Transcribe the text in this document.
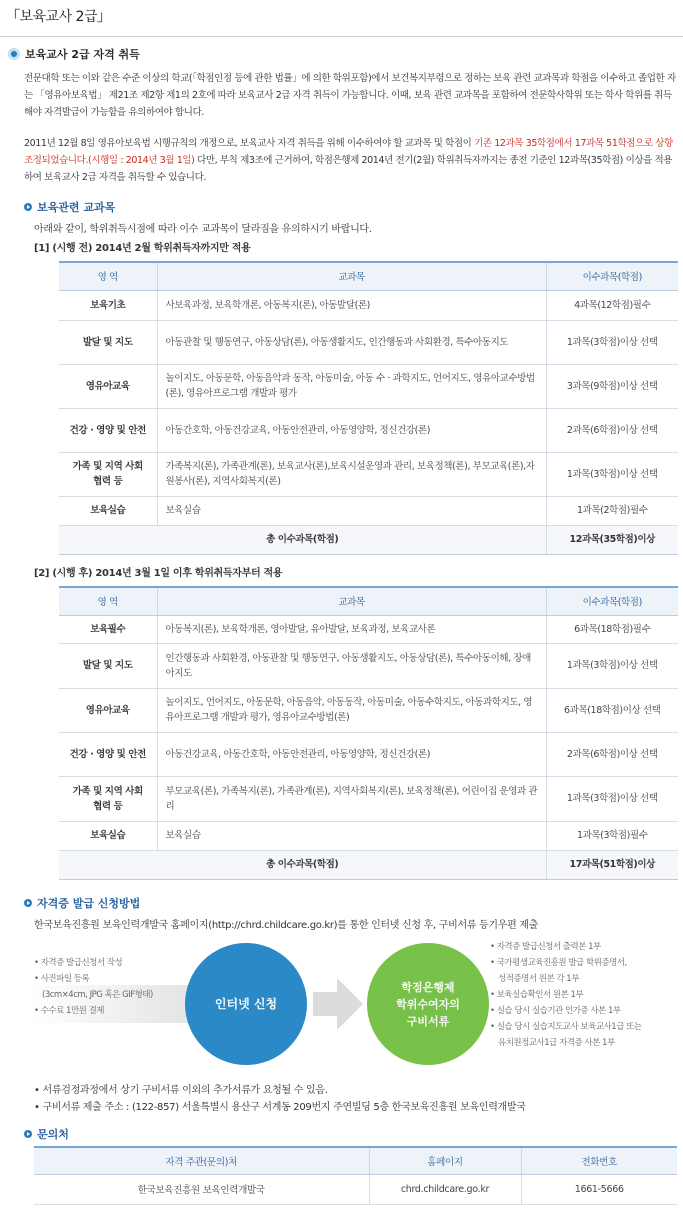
「보육교사 2급」
보육교사 2급 자격 취득
전문대학 또는 이와 같은 수준 이상의 학교(「학점인정 등에 관한 법률」에 의한 학위포함)에서 보건복지부령으로 정하는 보육 관련 교과목과 학점을 이수하고 졸업한 자는 「영유아보육법」 제21조 제2항 제1의 2호에 따라 보육교사 2급 자격 취득이 가능합니다. 이때, 보육 관련 교과목을 포함하여 전문학사학위 또는 학사 학위를 취득해야 자격발급이 가능함을 유의하여야 합니다.
2011년 12월 8일 영유아보육법 시행규칙의 개정으로, 보육교사 자격 취득을 위해 이수하여야 할 교과목 및 학점이 기존 12과목 35학점에서 17과목 51학점으로 상향조정되었습니다.(시행일 : 2014년 3월 1일) 다만, 부칙 제3조에 근거하여, 학점은행제 2014년 전기(2월) 학위취득자까지는 종전 기준인 12과목(35학점) 이상을 적용하여 보육교사 2급 자격을 취득할 수 있습니다.
보육관련 교과목
아래와 같이, 학위취득시점에 따라 이수 교과목이 달라짐을 유의하시기 바랍니다.
[1] (시행 전) 2014년 2월 학위취득자까지만 적용
영 역	교과목	이수과목(학점)
보육기초	사보육과정, 보육학개론, 아동복지(론), 아동발달(론)	4과목(12학점)필수
발달 및 지도	아동관찰 및 행동연구, 아동상담(론), 아동생활지도, 인간행동과 사회환경, 특수아동지도	1과목(3학점)이상 선택
영유아교육	놀이지도, 아동문학, 아동음악과 동작, 아동미술, 아동 수 · 과학지도, 언어지도, 영유아교수방법(론), 영유아프로그램 개발과 평가	3과목(9학점)이상 선택
건강 · 영양 및 안전	아동간호학, 아동건강교육, 아동안전관리, 아동영양학, 정신건강(론)	2과목(6학점)이상 선택
가족 및 지역 사회 협력 등	가족복지(론), 가족관계(론), 보육교사(론),보육시설운영과 관리, 보육정책(론), 부모교육(론),자원봉사(론), 지역사회복지(론)	1과목(3학점)이상 선택
보육실습	보육실습	1과목(2학점)필수
총 이수과목(학점)		12과목(35학점)이상
[2] (시행 후) 2014년 3월 1일 이후 학위취득자부터 적용
영 역	교과목	이수과목(학점)
보육필수	아동복지(론), 보육학개론, 영아발달, 유아발달, 보육과정, 보육교사론	6과목(18학점)필수
발달 및 지도	인간행동과 사회환경, 아동관찰 및 행동연구, 아동생활지도, 아동상담(론), 특수아동이해, 장애아지도	1과목(3학점)이상 선택
영유아교육	놀이지도, 언어지도, 아동문학, 아동음악, 아동동작, 아동미술, 아동수학지도, 아동과학지도, 영유아프로그램 개발과 평가, 영유아교수방법(론)	6과목(18학점)이상 선택
건강 · 영양 및 안전	아동건강교육, 아동간호학, 아동안전관리, 아동영양학, 정신건강(론)	2과목(6학점)이상 선택
가족 및 지역 사회 협력 등	부모교육(론), 가족복지(론), 가족관계(론), 지역사회복지(론), 보육정책(론), 어린이집 운영과 관리	1과목(3학점)이상 선택
보육실습	보육실습	1과목(3학점)필수
총 이수과목(학점)		17과목(51학점)이상
자격증 발급 신청방법
한국보육진흥원 보육인력개발국 홈페이지(http://chrd.childcare.go.kr)를 통한 인터넷 신청 후, 구비서류 등기우편 제출
• 자격증 발급신청서 작성
• 사진파일 등록
(3cm×4cm, JPG 혹은 GIF형태)
• 수수료 1만원 결제
인터넷 신청
학점은행제
학위수여자의
구비서류
• 자격증 발급신청서 출력본 1부
• 국가평생교육진흥원 발급 학위증명서,
성적증명서 원본 각 1부
• 보육실습확인서 원본 1부
• 실습 당시 실습기관 인가증 사본 1부
• 실습 당시 실습지도교사 보육교사1급 또는
유치원정교사1급 자격증 사본 1부
• 서류검정과정에서 상기 구비서류 이외의 추가서류가 요청될 수 있음.
• 구비서류 제출 주소 : (122-857) 서울특별시 용산구 서계동 209번지 주연빌딩 5층 한국보육진흥원 보육인력개발국
문의처
자격 주관(문의)처	홈페이지	전화번호
한국보육진흥원 보육인력개발국	chrd.childcare.go.kr	1661-5666
